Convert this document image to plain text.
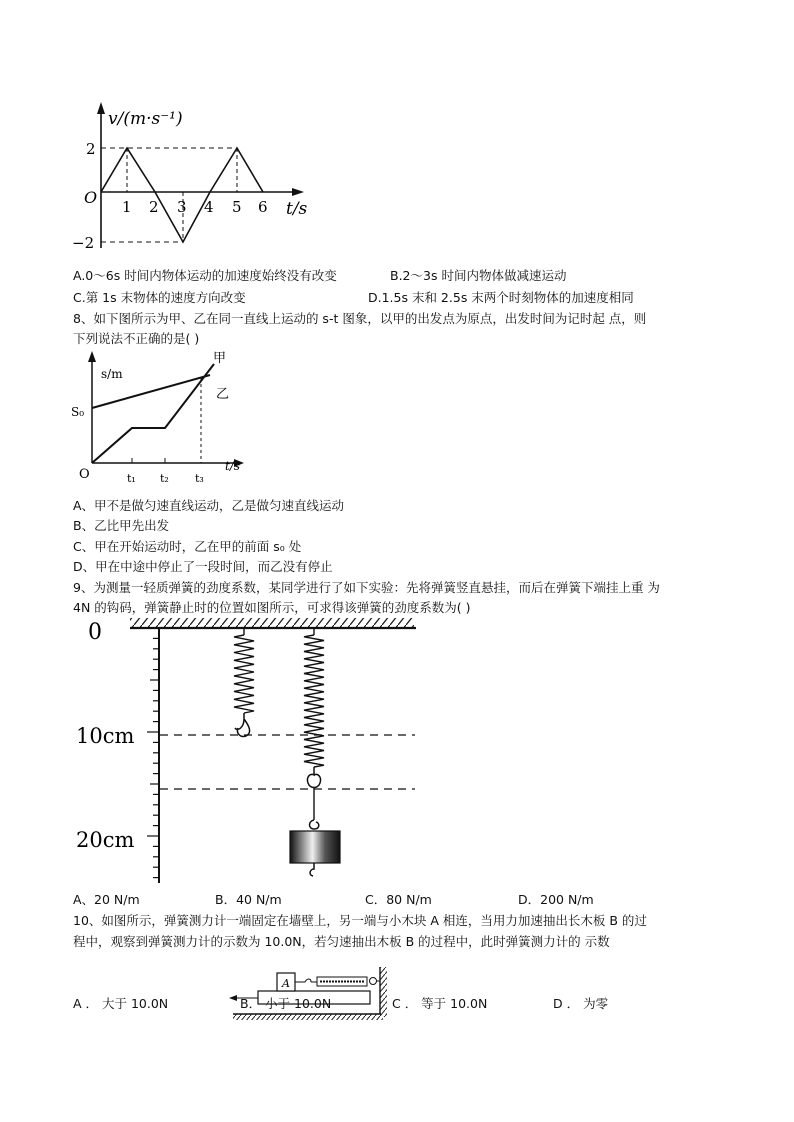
v/(m·s⁻¹)
O
2
−2
1 2 3 4 5 6 t/s
A.0～6s 时间内物体运动的加速度始终没有改变	B.2～3s 时间内物体做减速运动
C.第 1s 末物体的速度方向改变	D.1.5s 末和 2.5s 末两个时刻物体的加速度相同
8、如下图所示为甲、乙在同一直线上运动的 s-t 图象，以甲的出发点为原点，出发时间为记时起 点，则
下列说法不正确的是( )
s/m
S₀
O	t₁ t₂ t₃
t/s
甲
乙
A、甲不是做匀速直线运动，乙是做匀速直线运动
B、乙比甲先出发
C、甲在开始运动时，乙在甲的前面 s₀ 处
D、甲在中途中停止了一段时间，而乙没有停止
9、为测量一轻质弹簧的劲度系数，某同学进行了如下实验：先将弹簧竖直悬挂，而后在弹簧下端挂上重 为
4N 的钩码，弹簧静止时的位置如图所示，可求得该弹簧的劲度系数为( )
0
10cm
20cm
A、20 N/m	B．40 N/m	C．80 N/m	D．200 N/m
10、如图所示，弹簧测力计一端固定在墙壁上，另一端与小木块 A 相连，当用力加速抽出长木板 B 的过
程中，观察到弹簧测力计的示数为 10.0N，若匀速抽出木板 B 的过程中，此时弹簧测力计的 示数
A
A ． 大于 10.0N	B． 小于 10.0N	C ． 等于 10.0N	D ． 为零
